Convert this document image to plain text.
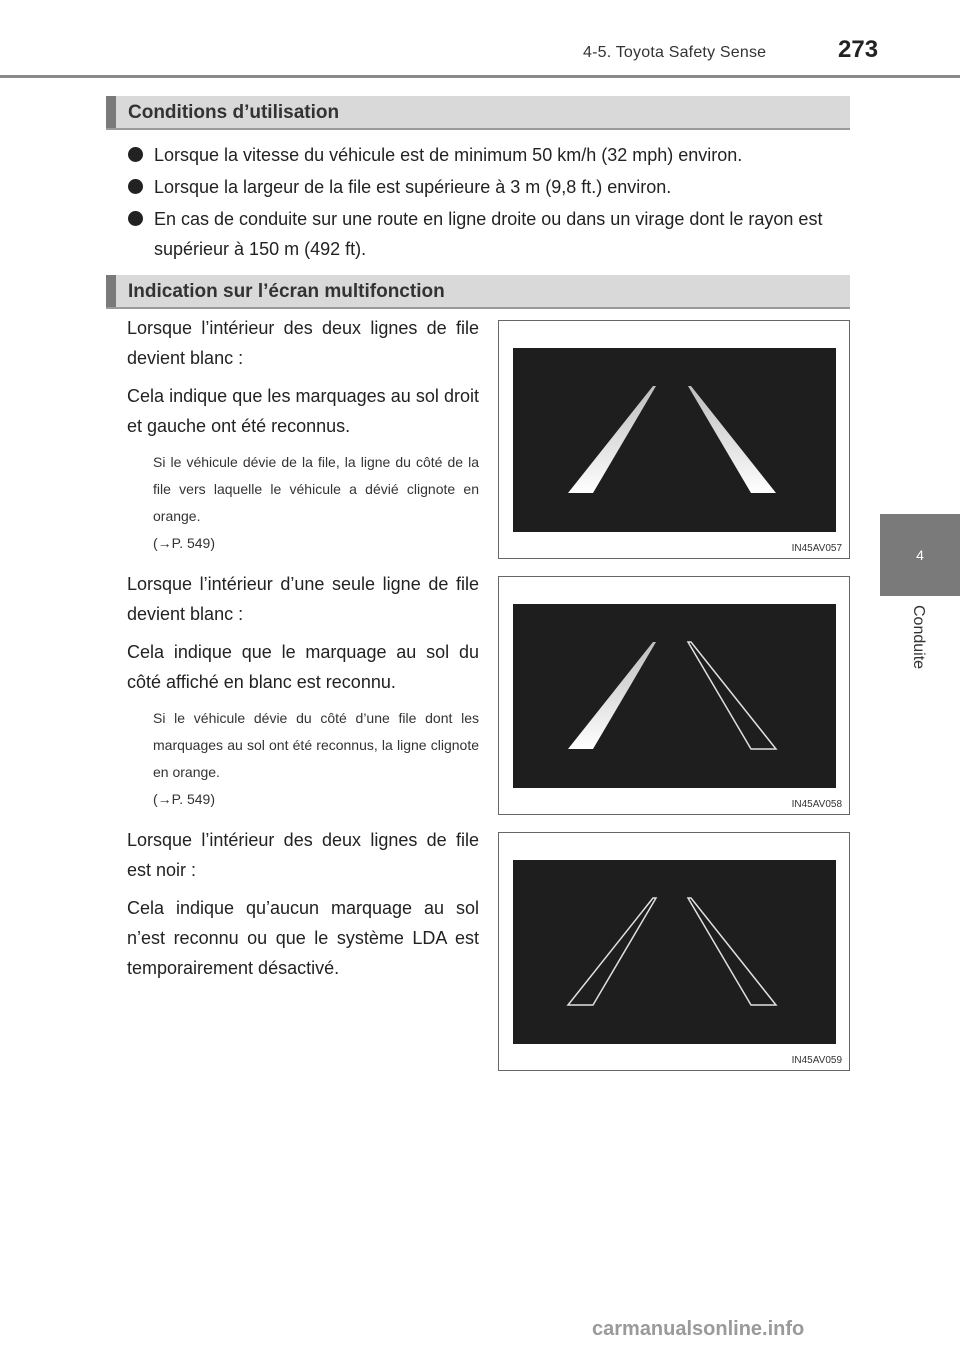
4-5. Toyota Safety Sense	273
4
Conduite
Conditions d’utilisation
Lorsque la vitesse du véhicule est de minimum 50 km/h (32 mph) environ.
Lorsque la largeur de la file est supérieure à 3 m (9,8 ft.) environ.
En cas de conduite sur une route en ligne droite ou dans un virage dont le rayon est supérieur à 150 m (492 ft).
Indication sur l’écran multifonction

Lorsque l’intérieur des deux lignes de file devient blanc :

Cela indique que les marquages au sol droit et gauche ont été reconnus.

Si le véhicule dévie de la file, la ligne du côté de la file vers laquelle le véhicule a dévié clignote en orange.

(→P. 549)	IN45AV057

Lorsque l’intérieur d’une seule ligne de file devient blanc :

Cela indique que le marquage au sol du côté affiché en blanc est reconnu.

Si le véhicule dévie du côté d’une file dont les marquages au sol ont été reconnus, la ligne clignote en orange.

(→P. 549)	IN45AV058

Lorsque l’intérieur des deux lignes de file est noir :

Cela indique qu’aucun marquage au sol n’est reconnu ou que le système LDA est temporairement désactivé.

IN45AV059
carmanualsonline.info
